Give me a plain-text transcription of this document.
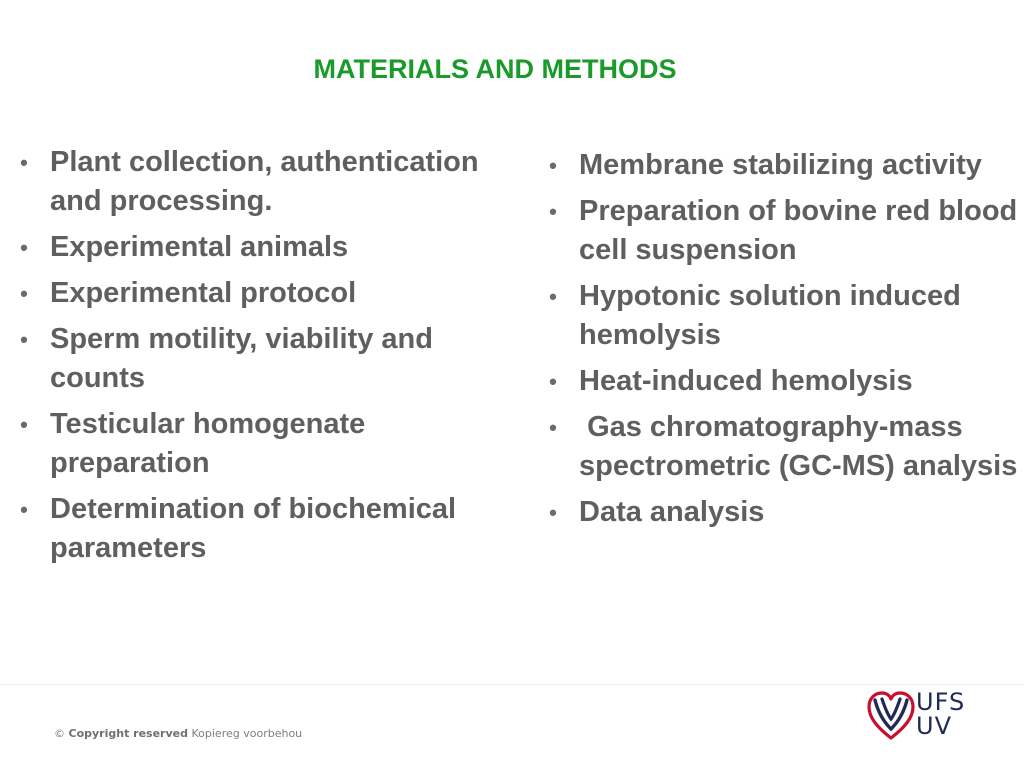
MATERIALS AND METHODS
• Plant collection, authentication and processing.
• Experimental animals
• Experimental protocol
• Sperm motility, viability and counts
• Testicular homogenate preparation
• Determination of biochemical parameters
• Membrane stabilizing activity
• Preparation of bovine red blood cell suspension
• Hypotonic solution induced hemolysis
• Heat-induced hemolysis
• Gas chromatography-mass spectrometric (GC-MS) analysis
• Data analysis
© Copyright reserved Kopiereg voorbehou
UFS
UV
